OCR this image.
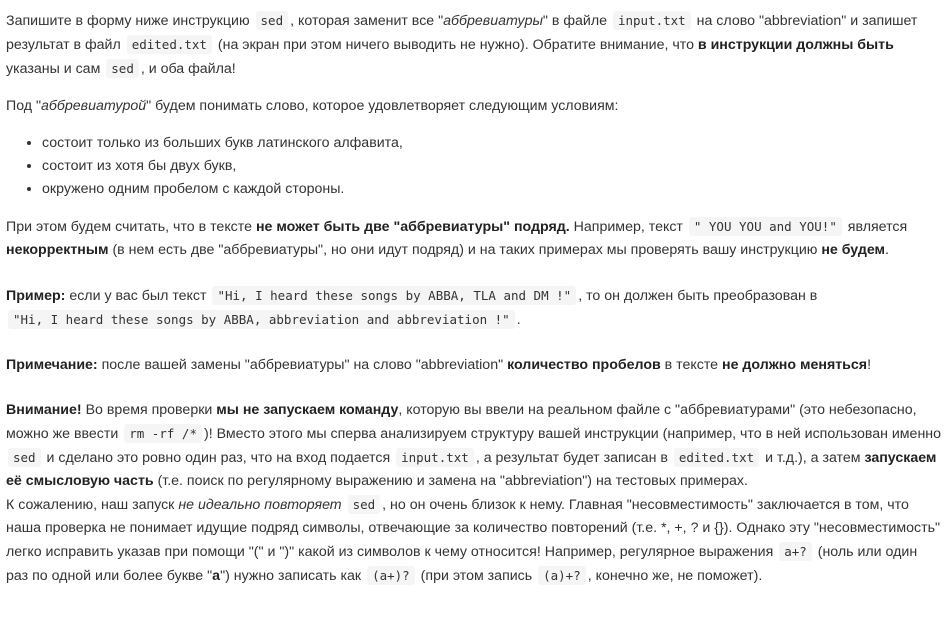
Запишите в форму ниже инструкцию sed , которая заменит все "аббревиатуры" в файле input.txt на слово "abbreviation" и запишет результат в файл edited.txt (на экран при этом ничего выводить не нужно). Обратите внимание, что в инструкции должны быть указаны и сам sed , и оба файла!

Под "аббревиатурой" будем понимать слово, которое удовлетворяет следующим условиям:

• состоит только из больших букв латинского алфавита,
• состоит из хотя бы двух букв,
• окружено одним пробелом с каждой стороны.

При этом будем считать, что в тексте не может быть две "аббревиатуры" подряд. Например, текст " YOU YOU and YOU!" является некорректным (в нем есть две "аббревиатуры", но они идут подряд) и на таких примерах мы проверять вашу инструкцию не будем.

Пример: если у вас был текст "Hi, I heard these songs by ABBA, TLA and DM !" , то он должен быть преобразован в "Hi, I heard these songs by ABBA, abbreviation and abbreviation !" .

Примечание: после вашей замены "аббревиатуры" на слово "abbreviation" количество пробелов в тексте не должно меняться!

Внимание! Во время проверки мы не запускаем команду, которую вы ввели на реальном файле с "аббревиатурами" (это небезопасно, можно же ввести rm -rf /* )! Вместо этого мы сперва анализируем структуру вашей инструкции (например, что в ней использован именно sed и сделано это ровно один раз, что на вход подается input.txt , а результат будет записан в edited.txt и т.д.), а затем запускаем её смысловую часть (т.е. поиск по регулярному выражению и замена на "abbreviation") на тестовых примерах.

К сожалению, наш запуск не идеально повторяет sed , но он очень близок к нему. Главная "несовместимость" заключается в том, что наша проверка не понимает идущие подряд символы, отвечающие за количество повторений (т.е. *, +, ? и {}). Однако эту "несовместимость" легко исправить указав при помощи "(" и ")" какой из символов к чему относится! Например, регулярное выражения a+? (ноль или один раз по одной или более букве "a") нужно записать как (a+)? (при этом запись (a)+? , конечно же, не поможет).
